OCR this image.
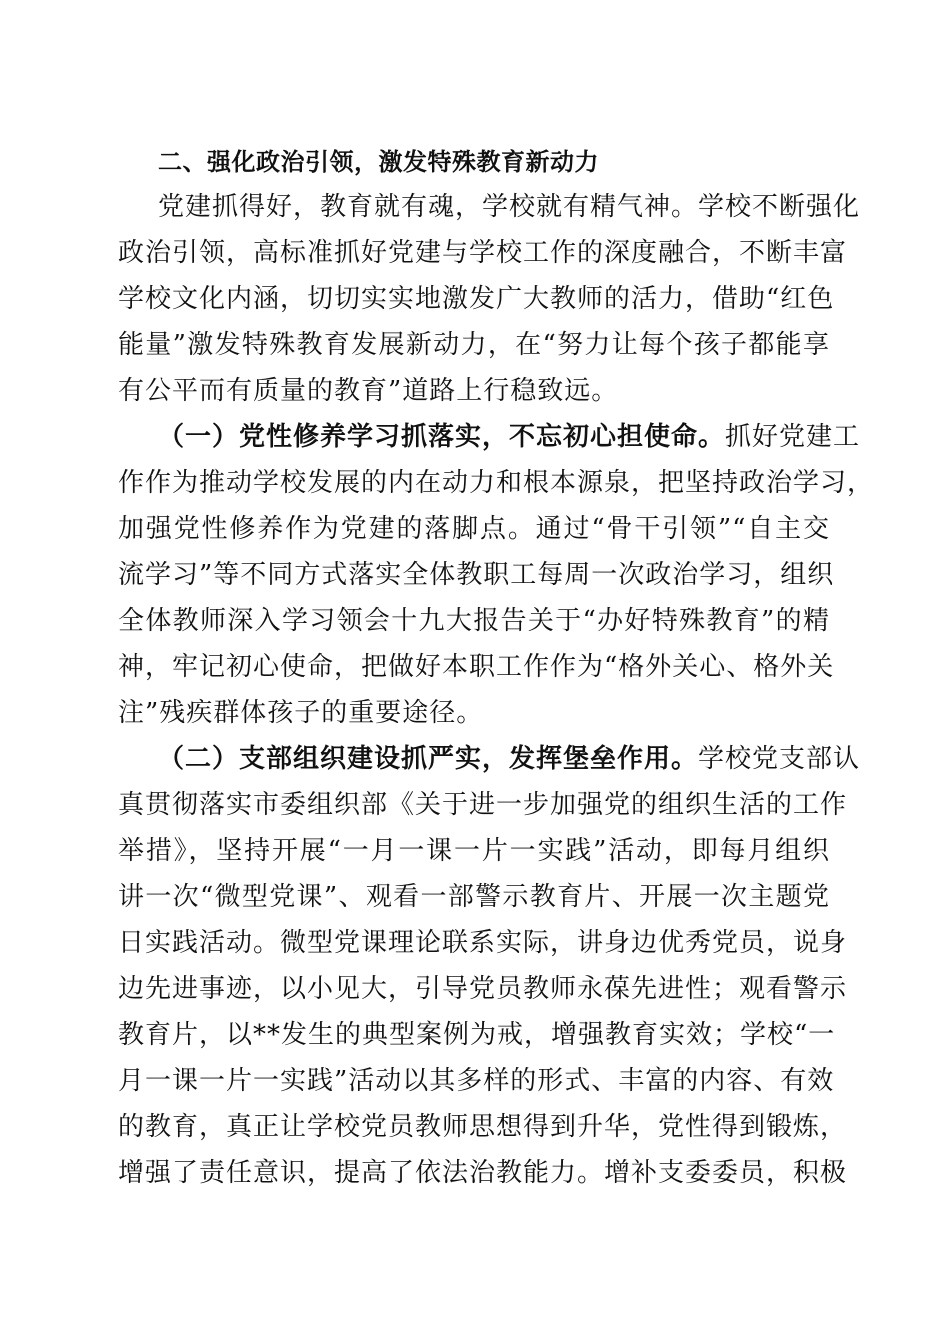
二、强化政治引领，激发特殊教育新动力
党建抓得好，教育就有魂，学校就有精气神。学校不断强化
政治引领，高标准抓好党建与学校工作的深度融合，不断丰富
学校文化内涵，切切实实地激发广大教师的活力，借助“红色
能量”激发特殊教育发展新动力，在“努力让每个孩子都能享
有公平而有质量的教育”道路上行稳致远。
（一）党性修养学习抓落实，不忘初心担使命。抓好党建工
作作为推动学校发展的内在动力和根本源泉，把坚持政治学习，
加强党性修养作为党建的落脚点。通过“骨干引领”“自主交
流学习”等不同方式落实全体教职工每周一次政治学习，组织
全体教师深入学习领会十九大报告关于“办好特殊教育”的精
神，牢记初心使命，把做好本职工作作为“格外关心、格外关
注”残疾群体孩子的重要途径。
（二）支部组织建设抓严实，发挥堡垒作用。学校党支部认
真贯彻落实市委组织部《关于进一步加强党的组织生活的工作
举措》，坚持开展“一月一课一片一实践”活动，即每月组织
讲一次“微型党课”、观看一部警示教育片、开展一次主题党
日实践活动。微型党课理论联系实际，讲身边优秀党员，说身
边先进事迹，以小见大，引导党员教师永葆先进性；观看警示
教育片，以**发生的典型案例为戒，增强教育实效；学校“一
月一课一片一实践”活动以其多样的形式、丰富的内容、有效
的教育，真正让学校党员教师思想得到升华，党性得到锻炼，
增强了责任意识，提高了依法治教能力。增补支委委员，积极
